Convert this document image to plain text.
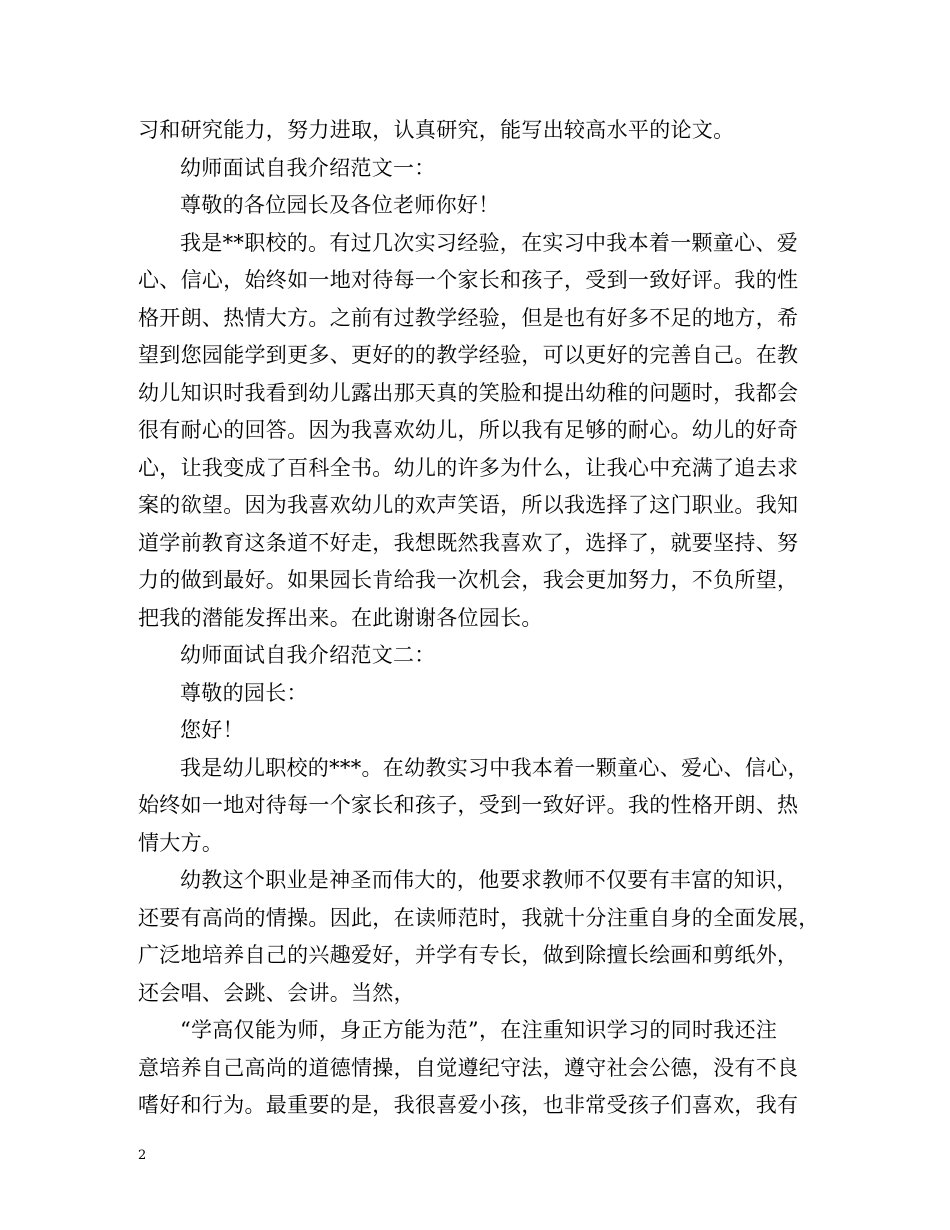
习和研究能力，努力进取，认真研究，能写出较高水平的论文。
幼师面试自我介绍范文一：
尊敬的各位园长及各位老师你好！
我是**职校的。有过几次实习经验，在实习中我本着一颗童心、爱
心、信心，始终如一地对待每一个家长和孩子，受到一致好评。我的性
格开朗、热情大方。之前有过教学经验，但是也有好多不足的地方，希
望到您园能学到更多、更好的的教学经验，可以更好的完善自己。在教
幼儿知识时我看到幼儿露出那天真的笑脸和提出幼稚的问题时，我都会
很有耐心的回答。因为我喜欢幼儿，所以我有足够的耐心。幼儿的好奇
心，让我变成了百科全书。幼儿的许多为什么，让我心中充满了追去求
案的欲望。因为我喜欢幼儿的欢声笑语，所以我选择了这门职业。我知
道学前教育这条道不好走，我想既然我喜欢了，选择了，就要坚持、努
力的做到最好。如果园长肯给我一次机会，我会更加努力，不负所望，
把我的潜能发挥出来。在此谢谢各位园长。
幼师面试自我介绍范文二：
尊敬的园长：
您好！
我是幼儿职校的***。在幼教实习中我本着一颗童心、爱心、信心，
始终如一地对待每一个家长和孩子，受到一致好评。我的性格开朗、热
情大方。
幼教这个职业是神圣而伟大的，他要求教师不仅要有丰富的知识，
还要有高尚的情操。因此，在读师范时，我就十分注重自身的全面发展，
广泛地培养自己的兴趣爱好，并学有专长，做到除擅长绘画和剪纸外，
还会唱、会跳、会讲。当然，
“学高仅能为师，身正方能为范”，在注重知识学习的同时我还注
意培养自己高尚的道德情操，自觉遵纪守法，遵守社会公德，没有不良
嗜好和行为。最重要的是，我很喜爱小孩，也非常受孩子们喜欢，我有
2
